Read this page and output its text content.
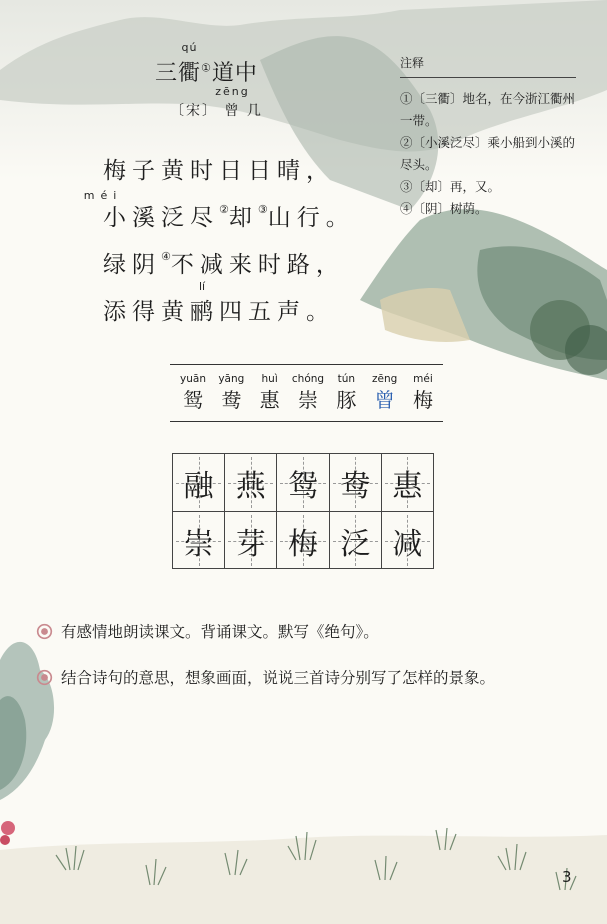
三
qú
衢①道中
〔宋〕
zēng
曾 几
méi
梅子黄时日日晴，
小溪泛尽②却③山行。
绿阴④不减来时路，
lí
添得黄鹂四五声。
注释
①〔三衢〕地名，在今浙江衢州一带。
②〔小溪泛尽〕乘小船到小溪的尽头。
③〔却〕再，又。
④〔阴〕树荫。
yuān
鸳
yāng
鸯
huì
惠
chóng
崇
tún
豚
zēng
曾
méi
梅
融 燕 鸳 鸯 惠
崇 芽 梅 泛 减
有感情地朗读课文。背诵课文。默写《绝句》。
结合诗句的意思，想象画面，说说三首诗分别写了怎样的景象。
3
